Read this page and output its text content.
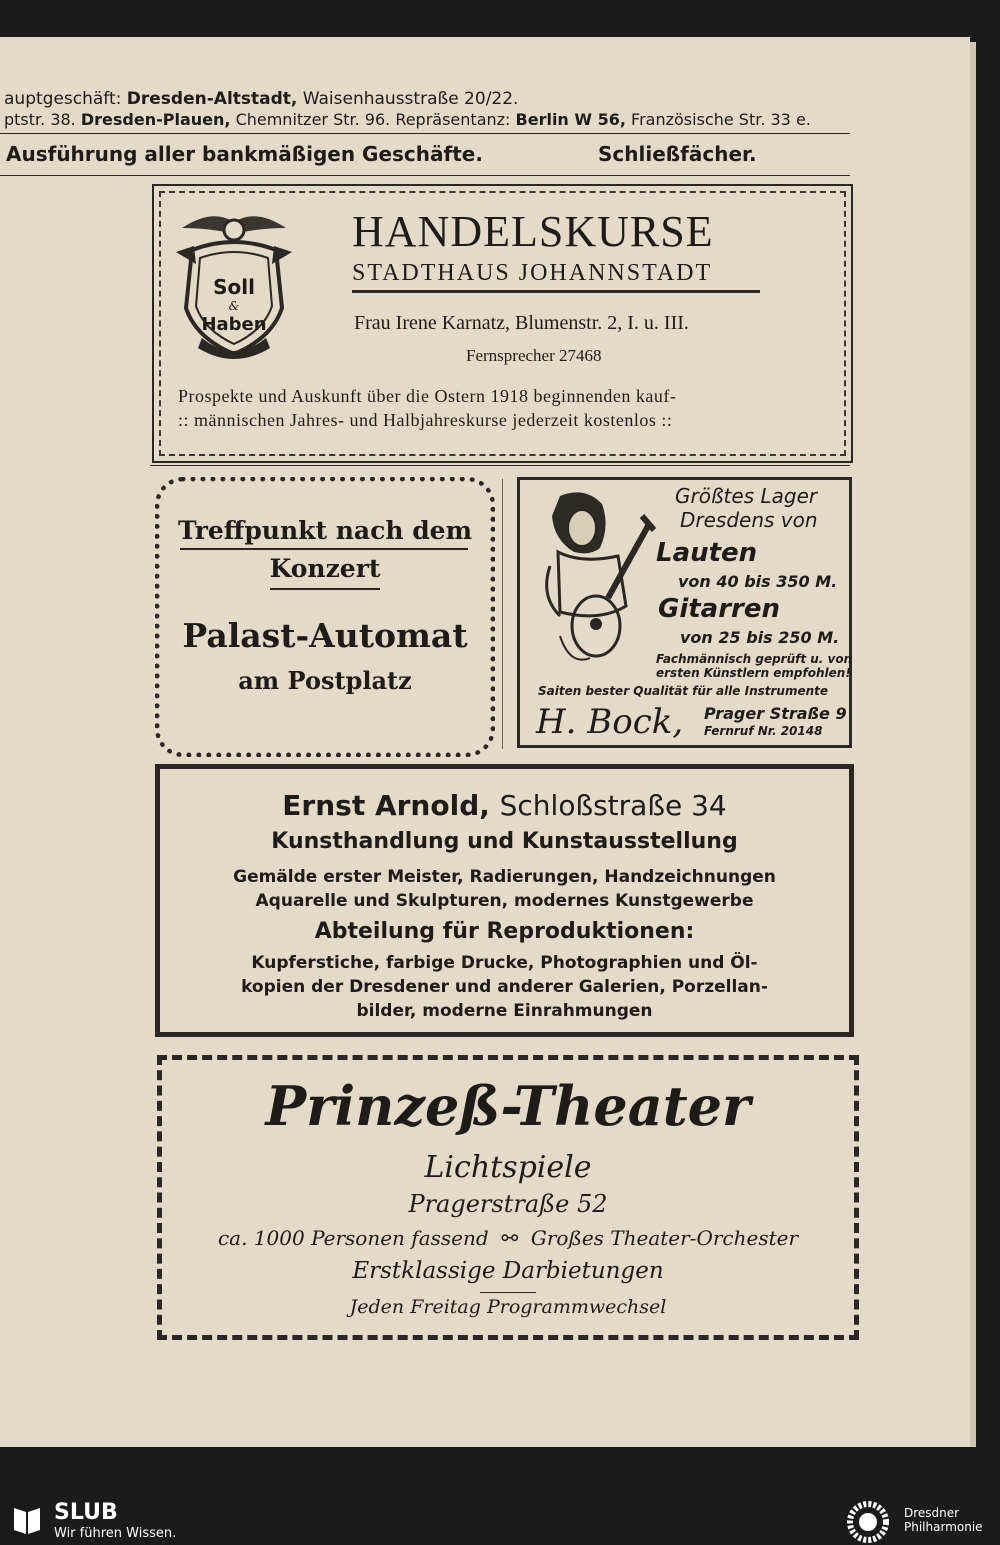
auptgeschäft: Dresden-Altstadt, Waisenhausstraße 20/22.
ptstr. 38. Dresden-Plauen, Chemnitzer Str. 96. Repräsentanz: Berlin W 56, Französische Str. 33 e.
Ausführung aller bankmäßigen Geschäfte.	Schließfächer.
Soll
&
Haben
HANDELSKURSE
STADTHAUS JOHANNSTADT
Frau Irene Karnatz, Blumenstr. 2, I. u. III.
Fernsprecher 27468
Prospekte und Auskunft über die Ostern 1918 beginnenden kauf-
:: männischen Jahres- und Halbjahreskurse jederzeit kostenlos ::
Treffpunkt nach dem
Konzert
Palast-Automat
am Postplatz
Größtes Lager
Dresdens von
Lauten
von 40 bis 350 M.
Gitarren
von 25 bis 250 M.
Fachmännisch geprüft u. von
ersten Künstlern empfohlen!
Saiten bester Qualität für alle Instrumente
H. Bock, Prager Straße 9
Fernruf Nr. 20148
Ernst Arnold, Schloßstraße 34
Kunsthandlung und Kunstausstellung
Gemälde erster Meister, Radierungen, Handzeichnungen
Aquarelle und Skulpturen, modernes Kunstgewerbe
Abteilung für Reproduktionen:
Kupferstiche, farbige Drucke, Photographien und Öl-
kopien der Dresdener und anderer Galerien, Porzellan-
bilder, moderne Einrahmungen
Prinzeß-Theater
Lichtspiele
Pragerstraße 52
ca. 1000 Personen fassend  ⚯  Großes Theater-Orchester
Erstklassige Darbietungen
Jeden Freitag Programmwechsel
SLUB
Wir führen Wissen.
Dresdner
Philharmonie
